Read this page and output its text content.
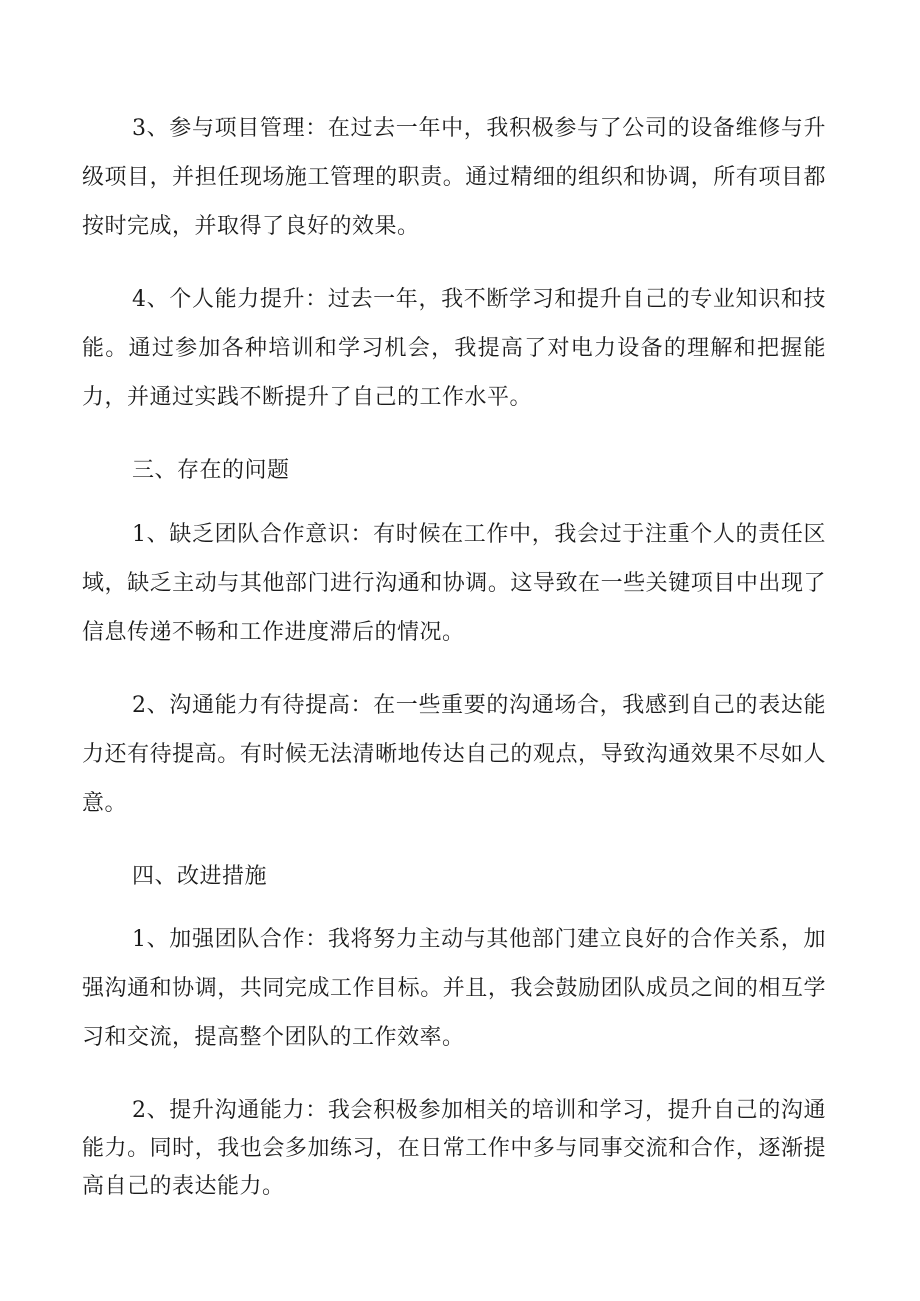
3、参与项目管理：在过去一年中，我积极参与了公司的设备维修与升级项目，并担任现场施工管理的职责。通过精细的组织和协调，所有项目都按时完成，并取得了良好的效果。

4、个人能力提升：过去一年，我不断学习和提升自己的专业知识和技能。通过参加各种培训和学习机会，我提高了对电力设备的理解和把握能力，并通过实践不断提升了自己的工作水平。

三、存在的问题

1、缺乏团队合作意识：有时候在工作中，我会过于注重个人的责任区域，缺乏主动与其他部门进行沟通和协调。这导致在一些关键项目中出现了信息传递不畅和工作进度滞后的情况。

2、沟通能力有待提高：在一些重要的沟通场合，我感到自己的表达能力还有待提高。有时候无法清晰地传达自己的观点，导致沟通效果不尽如人意。

四、改进措施

1、加强团队合作：我将努力主动与其他部门建立良好的合作关系，加强沟通和协调，共同完成工作目标。并且，我会鼓励团队成员之间的相互学习和交流，提高整个团队的工作效率。

2、提升沟通能力：我会积极参加相关的培训和学习，提升自己的沟通能力。同时，我也会多加练习，在日常工作中多与同事交流和合作，逐渐提高自己的表达能力。
